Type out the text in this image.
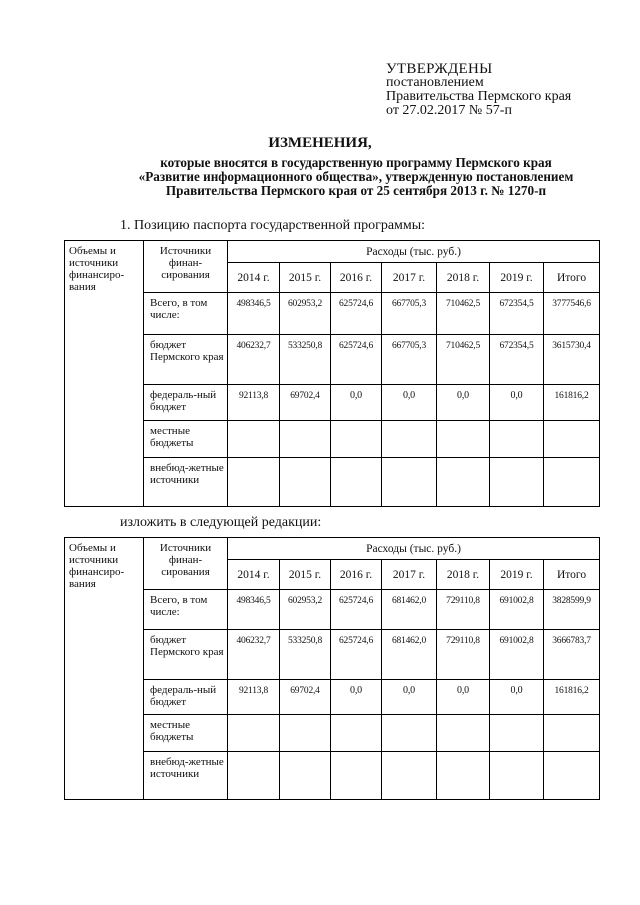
УТВЕРЖДЕНЫ
постановлением
Правительства Пермского края
от 27.02.2017 № 57-п
ИЗМЕНЕНИЯ,
которые вносятся в государственную программу Пермского края
«Развитие информационного общества», утвержденную постановлением
Правительства Пермского края от 25 сентября 2013 г. № 1270-п
1. Позицию паспорта государственной программы:
изложить в следующей редакции:
Объемы и источники финансиро-вания	Источники финан-сирования	Расходы (тыс. руб.)						
		2014 г.	2015 г.	2016 г.	2017 г.	2018 г.	2019 г.	Итого
	Всего, в том числе:	498346,5	602953,2	625724,6	667705,3	710462,5	672354,5	3777546,6
	бюджет Пермского края	406232,7	533250,8	625724,6	667705,3	710462,5	672354,5	3615730,4
	федераль-ный бюджет	92113,8	69702,4	0,0	0,0	0,0	0,0	161816,2
	местные бюджеты							
	внебюд-жетные источники							
Объемы и источники финансиро-вания	Источники финан-сирования	Расходы (тыс. руб.)						
		2014 г.	2015 г.	2016 г.	2017 г.	2018 г.	2019 г.	Итого
	Всего, в том числе:	498346,5	602953,2	625724,6	681462,0	729110,8	691002,8	3828599,9
	бюджет Пермского края	406232,7	533250,8	625724,6	681462,0	729110,8	691002,8	3666783,7
	федераль-ный бюджет	92113,8	69702,4	0,0	0,0	0,0	0,0	161816,2
	местные бюджеты							
	внебюд-жетные источники							
